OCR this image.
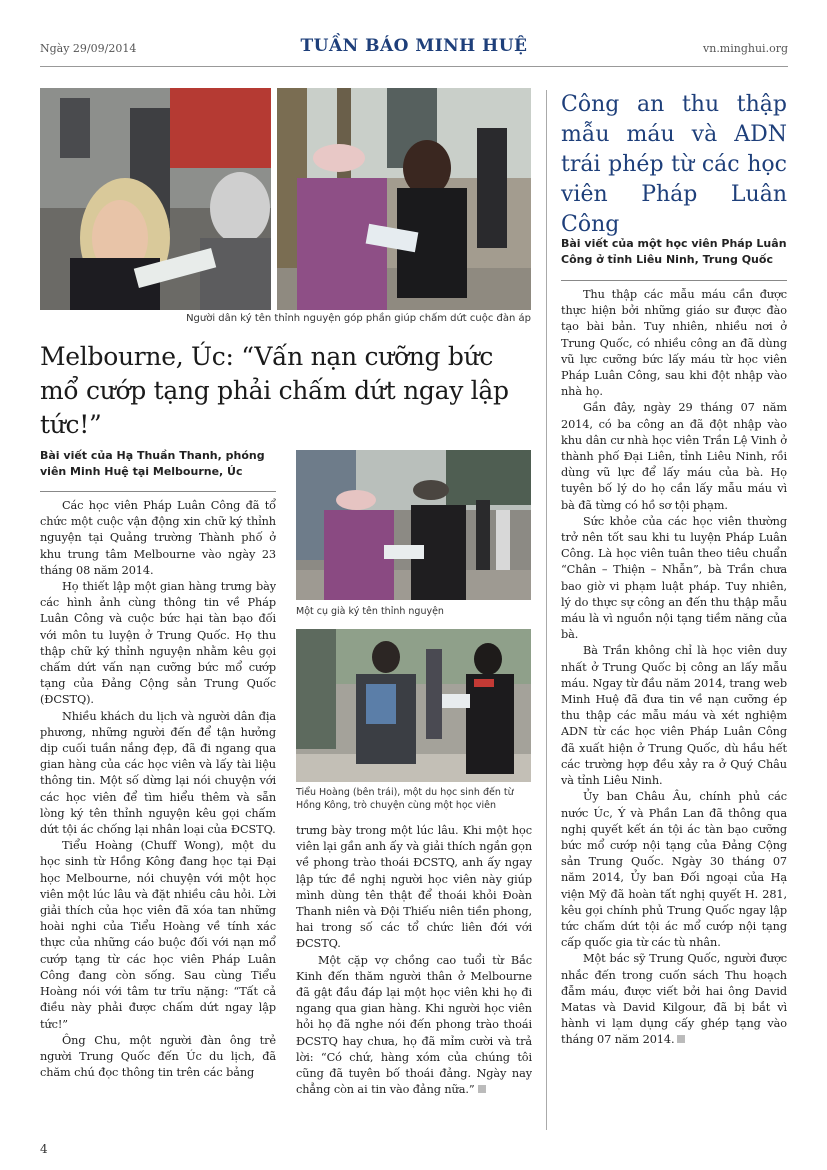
Ngày 29/09/2014	TUẦN BÁO MINH HUỆ	vn.minghui.org
Người dân ký tên thỉnh nguyện góp phần giúp chấm dứt cuộc đàn áp
Melbourne, Úc: “Vấn nạn cưỡng bức mổ cướp tạng phải chấm dứt ngay lập tức!”
Bài viết của Hạ Thuần Thanh, phóng viên Minh Huệ tại Melbourne, Úc

Các học viên Pháp Luân Công đã tổ chức một cuộc vận động xin chữ ký thỉnh nguyện tại Quảng trường Thành phố ở khu trung tâm Melbourne vào ngày 23 tháng 08 năm 2014.

Họ thiết lập một gian hàng trưng bày các hình ảnh cùng thông tin về Pháp Luân Công và cuộc bức hại tàn bạo đối với môn tu luyện ở Trung Quốc. Họ thu thập chữ ký thỉnh nguyện nhằm kêu gọi chấm dứt vấn nạn cưỡng bức mổ cướp tạng của Đảng Cộng sản Trung Quốc (ĐCSTQ).

Nhiều khách du lịch và người dân địa phương, những người đến để tận hưởng dịp cuối tuần nắng đẹp, đã đi ngang qua gian hàng của các học viên và lấy tài liệu thông tin. Một số dừng lại nói chuyện với các học viên để tìm hiểu thêm và sẵn lòng ký tên thỉnh nguyện kêu gọi chấm dứt tội ác chống lại nhân loại của ĐCSTQ.

Tiểu Hoàng (Chuff Wong), một du học sinh từ Hồng Kông đang học tại Đại học Melbourne, nói chuyện với một học viên một lúc lâu và đặt nhiều câu hỏi. Lời giải thích của học viên đã xóa tan những hoài nghi của Tiểu Hoàng về tính xác thực của những cáo buộc đối với nạn mổ cướp tạng từ các học viên Pháp Luân Công đang còn sống. Sau cùng Tiểu Hoàng nói với tâm tư trĩu nặng: “Tất cả điều này phải được chấm dứt ngay lập tức!”

Ông Chu, một người đàn ông trẻ người Trung Quốc đến Úc du lịch, đã chăm chú đọc thông tin trên các bảng

Một cụ già ký tên thỉnh nguyện
Tiểu Hoàng (bên trái), một du học sinh đến từ Hồng Kông, trò chuyện cùng một học viên

trưng bày trong một lúc lâu. Khi một học viên lại gần anh ấy và giải thích ngắn gọn về phong trào thoái ĐCSTQ, anh ấy ngay lập tức đề nghị người học viên này giúp mình dùng tên thật để thoái khỏi Đoàn Thanh niên và Đội Thiếu niên tiền phong, hai trong số các tổ chức liên đới với ĐCSTQ.

Một cặp vợ chồng cao tuổi từ Bắc Kinh đến thăm người thân ở Melbourne đã gật đầu đáp lại một học viên khi họ đi ngang qua gian hàng. Khi người học viên hỏi họ đã nghe nói đến phong trào thoái ĐCSTQ hay chưa, họ đã mỉm cười và trả lời: “Có chứ, hàng xóm của chúng tôi cũng đã tuyên bố thoái đảng. Ngày nay chẳng còn ai tin vào đảng nữa.”

Công an thu thập mẫu máu và ADN trái phép từ các học viên Pháp Luân Công
Bài viết của một học viên Pháp Luân Công ở tỉnh Liêu Ninh, Trung Quốc

Thu thập các mẫu máu cần được thực hiện bởi những giáo sư được đào tạo bài bản. Tuy nhiên, nhiều nơi ở Trung Quốc, có nhiều công an đã dùng vũ lực cưỡng bức lấy máu từ học viên Pháp Luân Công, sau khi đột nhập vào nhà họ.

Gần đây, ngày 29 tháng 07 năm 2014, có ba công an đã đột nhập vào khu dân cư nhà học viên Trần Lệ Vinh ở thành phố Đại Liên, tỉnh Liêu Ninh, rồi dùng vũ lực để lấy máu của bà. Họ tuyên bố lý do họ cần lấy mẫu máu vì bà đã từng có hồ sơ tội phạm.

Sức khỏe của các học viên thường trở nên tốt sau khi tu luyện Pháp Luân Công. Là học viên tuân theo tiêu chuẩn “Chân – Thiện – Nhẫn”, bà Trần chưa bao giờ vi phạm luật pháp. Tuy nhiên, lý do thực sự công an đến thu thập mẫu máu là vì nguồn nội tạng tiềm năng của bà.

Bà Trần không chỉ là học viên duy nhất ở Trung Quốc bị công an lấy mẫu máu. Ngay từ đầu năm 2014, trang web Minh Huệ đã đưa tin về nạn cưỡng ép thu thập các mẫu máu và xét nghiệm ADN từ các học viên Pháp Luân Công đã xuất hiện ở Trung Quốc, dù hầu hết các trường hợp đều xảy ra ở Quý Châu và tỉnh Liêu Ninh.

Ủy ban Châu Âu, chính phủ các nước Úc, Ý và Phần Lan đã thông qua nghị quyết kết án tội ác tàn bạo cưỡng bức mổ cướp nội tạng của Đảng Cộng sản Trung Quốc. Ngày 30 tháng 07 năm 2014, Ủy ban Đối ngoại của Hạ viện Mỹ đã hoàn tất nghị quyết H. 281, kêu gọi chính phủ Trung Quốc ngay lập tức chấm dứt tội ác mổ cướp nội tạng cấp quốc gia từ các tù nhân.

Một bác sỹ Trung Quốc, người được nhắc đến trong cuốn sách Thu hoạch đẫm máu, được viết bởi hai ông David Matas và David Kilgour, đã bị bắt vì hành vi lạm dụng cấy ghép tạng vào tháng 07 năm 2014.

4
